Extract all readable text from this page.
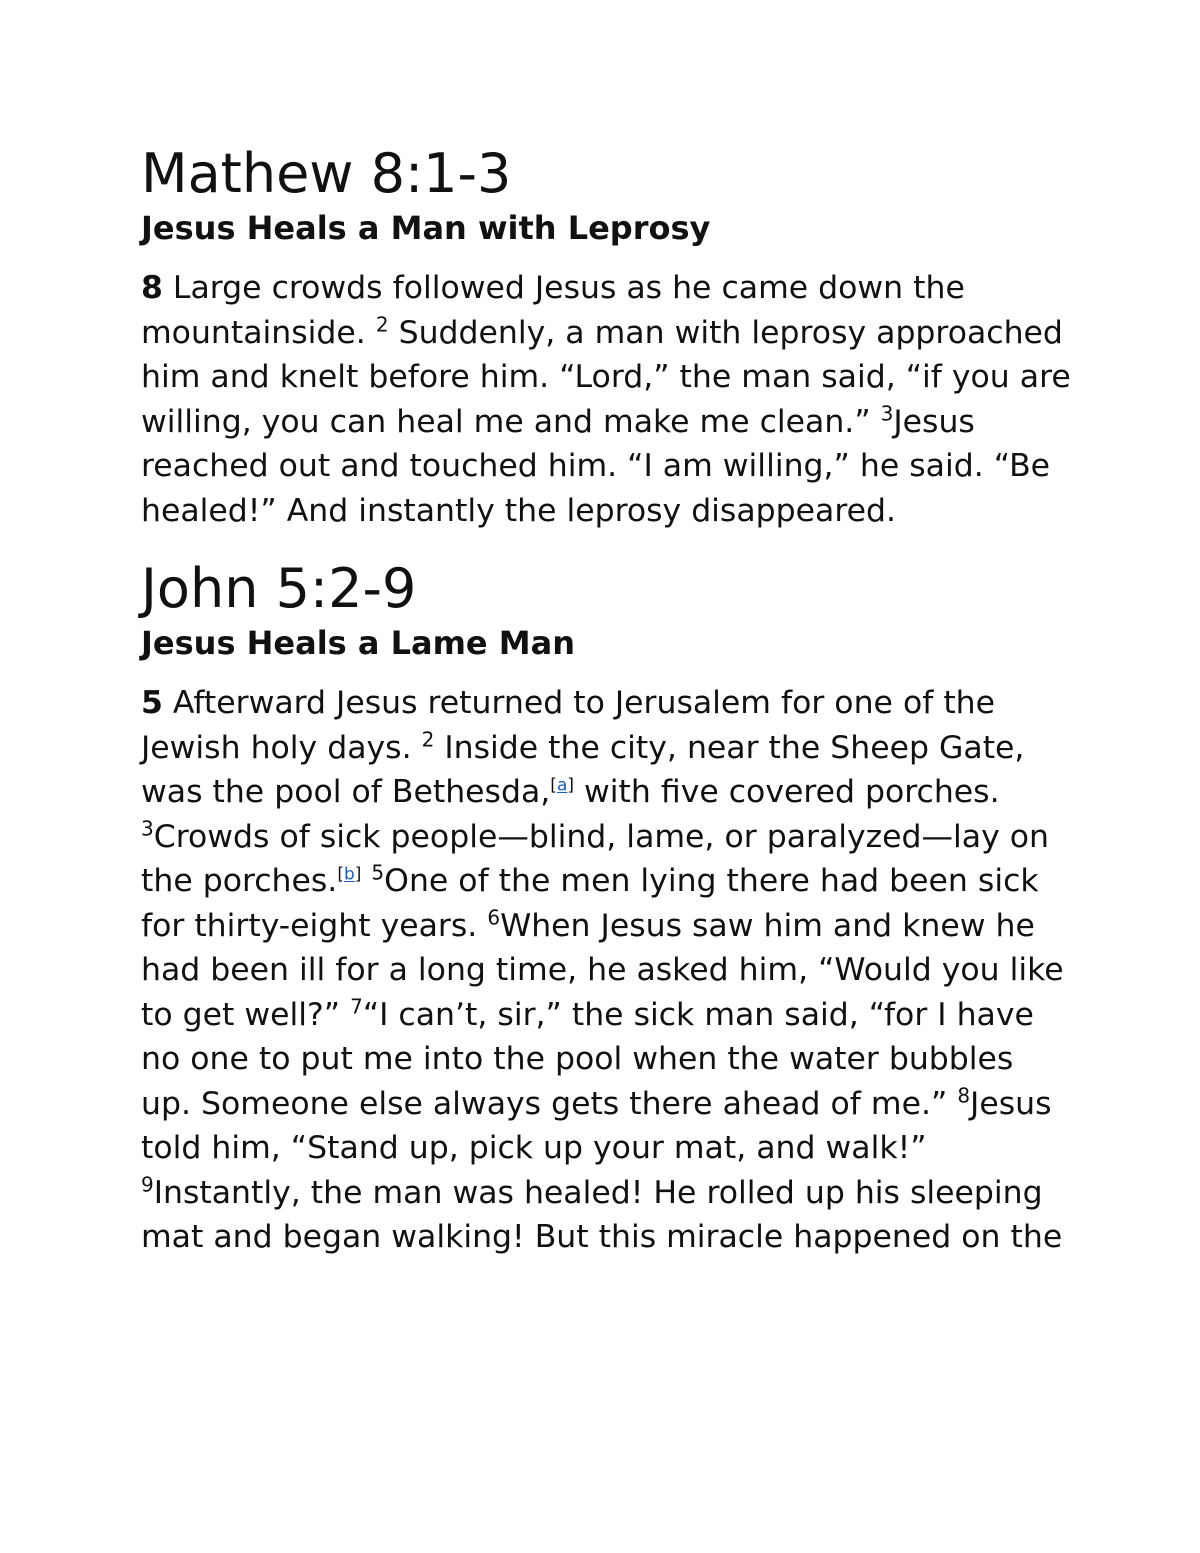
Mathew 8:1-3
Jesus Heals a Man with Leprosy

8 Large crowds followed Jesus as he came down the mountainside. $^2$ Suddenly, a man with leprosy approached him and knelt before him. “Lord,” the man said, “if you are willing, you can heal me and make me clean.” $^3$Jesus reached out and touched him. “I am willing,” he said. “Be healed!” And instantly the leprosy disappeared.

John 5:2-9
Jesus Heals a Lame Man

5 Afterward Jesus returned to Jerusalem for one of the Jewish holy days. $^2$ Inside the city, near the Sheep Gate, was the pool of Bethesda,[a] with five covered porches. $^3$Crowds of sick people—blind, lame, or paralyzed—lay on the porches.[b] $^5$One of the men lying there had been sick for thirty-eight years. $^6$When Jesus saw him and knew he had been ill for a long time, he asked him, “Would you like to get well?” $^7$“I can’t, sir,” the sick man said, “for I have no one to put me into the pool when the water bubbles up. Someone else always gets there ahead of me.” $^8$Jesus told him, “Stand up, pick up your mat, and walk!” $^9$Instantly, the man was healed! He rolled up his sleeping mat and began walking! But this miracle happened on the
